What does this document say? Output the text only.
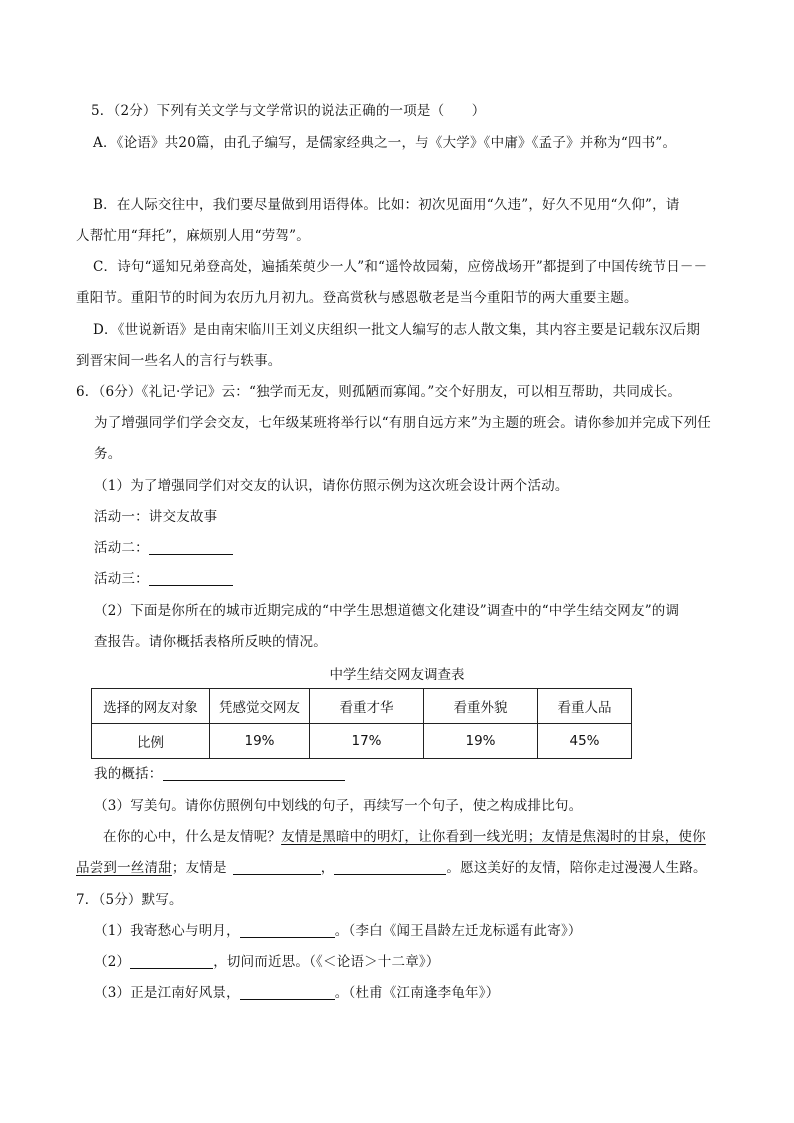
5．（2分）下列有关文学与文学常识的说法正确的一项是（　　）
A．《论语》共20篇，由孔子编写，是儒家经典之一，与《大学》《中庸》《孟子》并称为“四书”。
B．在人际交往中，我们要尽量做到用语得体。比如：初次见面用“久违”，好久不见用“久仰”，请
人帮忙用“拜托”，麻烦别人用“劳驾”。
C．诗句“遥知兄弟登高处，遍插茱萸少一人”和“遥怜故园菊，应傍战场开”都提到了中国传统节日－－
重阳节。重阳节的时间为农历九月初九。登高赏秋与感恩敬老是当今重阳节的两大重要主题。
D．《世说新语》是由南宋临川王刘义庆组织一批文人编写的志人散文集，其内容主要是记载东汉后期
到晋宋间一些名人的言行与轶事。
6．（6分）《礼记·学记》云：“独学而无友，则孤陋而寡闻。”交个好朋友，可以相互帮助，共同成长。
为了增强同学们学会交友，七年级某班将举行以“有朋自远方来”为主题的班会。请你参加并完成下列任
务。
（1）为了增强同学们对交友的认识，请你仿照示例为这次班会设计两个活动。
活动一：讲交友故事
活动二：
活动三：
（2）下面是你所在的城市近期完成的“中学生思想道德文化建设”调查中的“中学生结交网友”的调
查报告。请你概括表格所反映的情况。
中学生结交网友调查表
选择的网友对象	凭感觉交网友	看重才华	看重外貌	看重人品
比例	19%	17%	19%	45%
我的概括：
（3）写美句。请你仿照例句中划线的句子，再续写一个句子，使之构成排比句。
在你的心中，什么是友情呢？友情是黑暗中的明灯，让你看到一线光明；友情是焦渴时的甘泉，使你
品尝到一丝清甜；友情是	，	。愿这美好的友情，陪你走过漫漫人生路。
7．（5分）默写。
（1）我寄愁心与明月，	。（李白《闻王昌龄左迁龙标遥有此寄》）
（2）	，切问而近思。（《＜论语＞十二章》）
（3）正是江南好风景，	。（杜甫《江南逢李龟年》）
